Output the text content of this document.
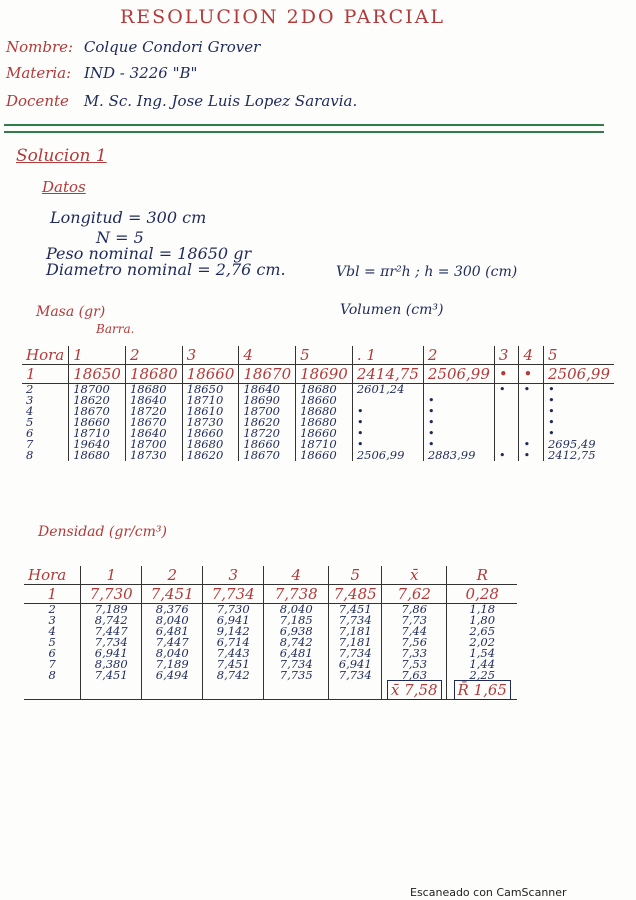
RESOLUCION 2DO PARCIAL
Nombre: Colque Condori Grover
Materia: IND - 3226 "B"
Docente M. Sc. Ing. Jose Luis Lopez Saravia.
Solucion 1
Datos
Longitud = 300 cm
N = 5
Peso nominal = 18650 gr
Diametro nominal = 2,76 cm.	Vbl = πr²h ; h = 300 (cm)
Masa (gr)
Barra.
Volumen (cm³)
Hora	1	2	3	4	5	. 1	2	3	4	5
1	18650	18680	18660	18670	18690	2414,75	2506,99	•	•	2506,99
2	18700	18680	18650	18640	18680	2601,24		•	•	•
3	18620	18640	18710	18690	18660		•			•
4	18670	18720	18610	18700	18680	•	•			•
5	18660	18670	18730	18620	18680	•	•			•
6	18710	18640	18660	18720	18660	•	•			•
7	19640	18700	18680	18660	18710	•	•		•	2695,49
8	18680	18730	18620	18670	18660	2506,99	2883,99	•	•	2412,75
Densidad (gr/cm³)
Hora	1	2	3	4	5	x̄	R
1	7,730	7,451	7,734	7,738	7,485	7,62	0,28
2	7,189	8,376	7,730	8,040	7,451	7,86	1,18
3	8,742	8,040	6,941	7,185	7,734	7,73	1,80
4	7,447	6,481	9,142	6,938	7,181	7,44	2,65
5	7,734	7,447	6,714	8,742	7,181	7,56	2,02
6	6,941	8,040	7,443	6,481	7,734	7,33	1,54
7	8,380	7,189	7,451	7,734	6,941	7,53	1,44
8	7,451	6,494	8,742	7,735	7,734	7,63	2,25
						x̄ 7,58	R̄ 1,65
Escaneado con CamScanner
